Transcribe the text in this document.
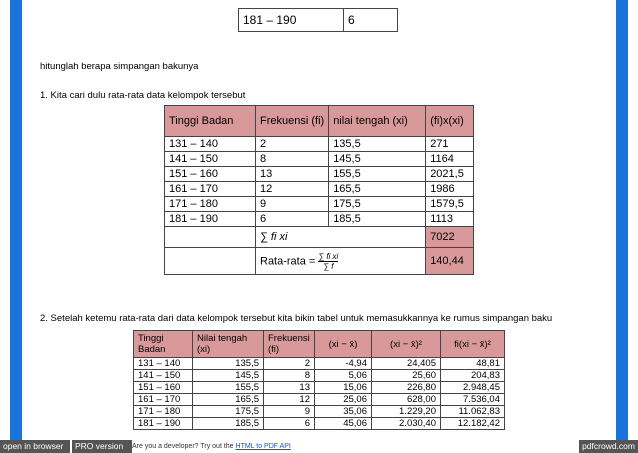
181 – 190	6
hitunglah berapa simpangan bakunya
1. Kita cari dulu rata-rata data kelompok tersebut
Tinggi Badan	Frekuensi (fi)	nilai tengah (xi)	(fi)x(xi)
131 – 140	2	135,5	271
141 – 150	8	145,5	1164
151 – 160	13	155,5	2021,5
161 – 170	12	165,5	1986
171 – 180	9	175,5	1579,5
181 – 190	6	185,5	1113
	∑ fi xi		7022
	Rata-rata = $\frac{\text{∑ fi xi}}{\sum f}$		140,44
2. Setelah ketemu rata-rata dari data kelompok tersebut kita bikin tabel untuk memasukkannya ke rumus simpangan baku
Tinggi Badan	Nilai tengah (xi)	Frekuensi (fi)	(xi − x̄)	(xi − x̄)²	fi(xi − x̄)²
131 – 140	135,5	2	-4,94	24,405	48,81
141 – 150	145,5	8	5,06	25,60	204,83
151 – 160	155,5	13	15,06	226,80	2.948,45
161 – 170	165,5	12	25,06	628,00	7.536,04
171 – 180	175,5	9	35,06	1.229,20	11.062,83
181 – 190	185,5	6	45,06	2.030,40	12.182,42
open in browser	PRO version	Are you a developer? Try out the HTML to PDF API	pdfcrowd.com
